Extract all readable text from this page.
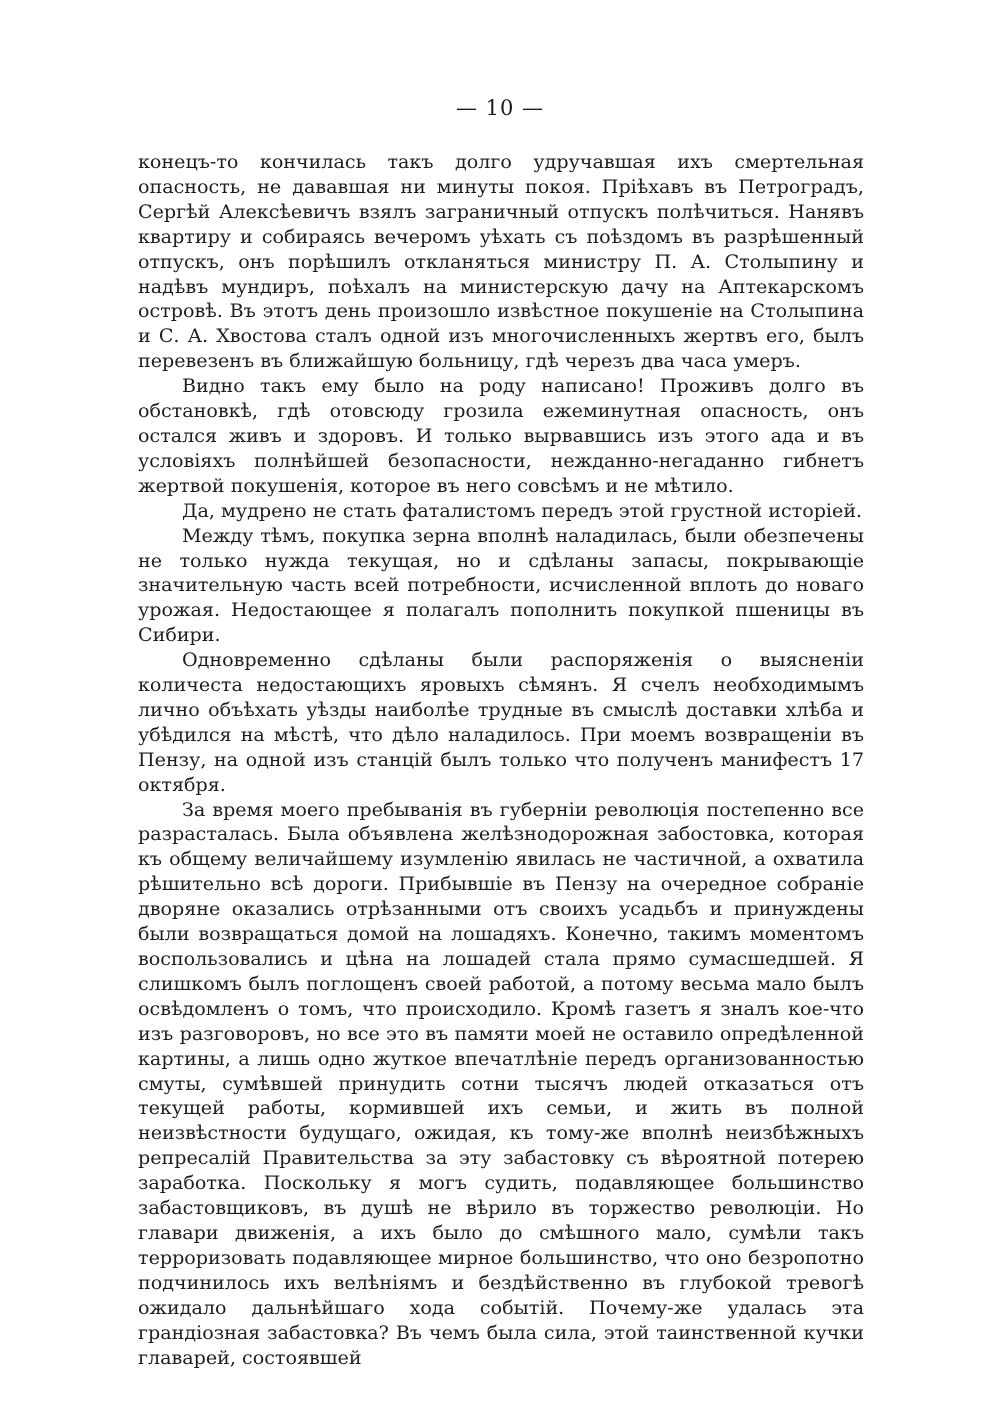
— 10 —

конецъ-то кончилась такъ долго удручавшая ихъ смертельная опасность, не дававшая ни минуты покоя. Пріѣхавъ въ Петроградъ, Сергѣй Алексѣевичъ взялъ заграничный отпускъ полѣчиться. Нанявъ квартиру и собираясь вечеромъ уѣхать съ поѣздомъ въ разрѣшенный отпускъ, онъ порѣшилъ откланяться министру П. А. Столыпину и надѣвъ мундиръ, поѣхалъ на министерскую дачу на Аптекарскомъ островѣ. Въ этотъ день произошло извѣстное покушеніе на Столыпина и С. А. Хвостова сталъ одной изъ многочисленныхъ жертвъ его, былъ перевезенъ въ ближайшую больницу, гдѣ черезъ два часа умеръ.

Видно такъ ему было на роду написано! Проживъ долго въ обстановкѣ, гдѣ отовсюду грозила ежеминутная опасность, онъ остался живъ и здоровъ. И только вырвавшись изъ этого ада и въ условіяхъ полнѣйшей безопасности, нежданно-негаданно гибнетъ жертвой покушенія, которое въ него совсѣмъ и не мѣтило.

Да, мудрено не стать фаталистомъ передъ этой грустной исторіей.

Между тѣмъ, покупка зерна вполнѣ наладилась, были обезпечены не только нужда текущая, но и сдѣланы запасы, покрывающіе значительную часть всей потребности, исчисленной вплоть до новаго урожая. Недостающее я полагалъ пополнить покупкой пшеницы въ Сибири.

Одновременно сдѣланы были распоряженія о выясненіи количеста недостающихъ яровыхъ сѣмянъ. Я счелъ необходимымъ лично объѣхать уѣзды наиболѣе трудные въ смыслѣ доставки хлѣба и убѣдился на мѣстѣ, что дѣло наладилось. При моемъ возвращеніи въ Пензу, на одной изъ станцій былъ только что полученъ манифестъ 17 октября.

За время моего пребыванія въ губерніи революція постепенно все разрасталась. Была объявлена желѣзнодорожная забостовка, которая къ общему величайшему изумленію явилась не частичной, а охватила рѣшительно всѣ дороги. Прибывшіе въ Пензу на очередное собраніе дворяне оказались отрѣзанными отъ своихъ усадьбъ и принуждены были возвращаться домой на лошадяхъ. Конечно, такимъ моментомъ воспользовались и цѣна на лошадей стала прямо сумасшедшей. Я слишкомъ былъ поглощенъ своей работой, а потому весьма мало былъ освѣдомленъ о томъ, что происходило. Кромѣ газетъ я зналъ кое-что изъ разговоровъ, но все это въ памяти моей не оставило опредѣленной картины, а лишь одно жуткое впечатлѣніе передъ организованностью смуты, сумѣвшей принудить сотни тысячъ людей отказаться отъ текущей работы, кормившей ихъ семьи, и жить въ полной неизвѣстности будущаго, ожидая, къ тому-же вполнѣ неизбѣжныхъ репресалій Правительства за эту забастовку съ вѣроятной потерею заработка. Поскольку я могъ судить, подавляющее большинство забастовщиковъ, въ душѣ не вѣрило въ торжество революціи. Но главари движенія, а ихъ было до смѣшного мало, сумѣли такъ терроризовать подавляющее мирное большинство, что оно безропотно подчинилось ихъ велѣніямъ и бездѣйственно въ глубокой тревогѣ ожидало дальнѣйшаго хода событій. Почему-же удалась эта грандіозная забастовка? Въ чемъ была сила, этой таинственной кучки главарей, состоявшей
